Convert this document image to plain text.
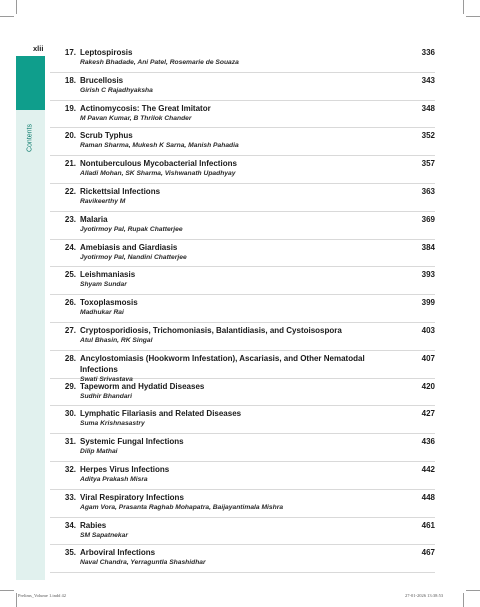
xlii
Contents
17. Leptospirosis
Rakesh Bhadade, Ani Patel, Rosemarie de Souaza
336
18. Brucellosis
Girish C Rajadhyaksha
343
19. Actinomycosis: The Great Imitator
M Pavan Kumar, B Thrilok Chander
348
20. Scrub Typhus
Raman Sharma, Mukesh K Sarna, Manish Pahadia
352
21. Nontuberculous Mycobacterial Infections
Alladi Mohan, SK Sharma, Vishwanath Upadhyay
357
22. Rickettsial Infections
Ravikeerthy M
363
23. Malaria
Jyotirmoy Pal, Rupak Chatterjee
369
24. Amebiasis and Giardiasis
Jyotirmoy Pal, Nandini Chatterjee
384
25. Leishmaniasis
Shyam Sundar
393
26. Toxoplasmosis
Madhukar Rai
399
27. Cryptosporidiosis, Trichomoniasis, Balantidiasis, and Cystoisospora
Atul Bhasin, RK Singal
403
28. Ancylostomiasis (Hookworm Infestation), Ascariasis, and Other Nematodal Infections
Swati Srivastava
407
29. Tapeworm and Hydatid Diseases
Sudhir Bhandari
420
30. Lymphatic Filariasis and Related Diseases
Suma Krishnasastry
427
31. Systemic Fungal Infections
Dilip Mathai
436
32. Herpes Virus Infections
Aditya Prakash Misra
442
33. Viral Respiratory Infections
Agam Vora, Prasanta Raghab Mohapatra, Baijayantimala Mishra
448
34. Rabies
SM Sapatnekar
461
35. Arboviral Infections
Naval Chandra, Yerraguntla Shashidhar
467
Prelims_Volume 1.indd 42	27-01-2026 13:38:53
